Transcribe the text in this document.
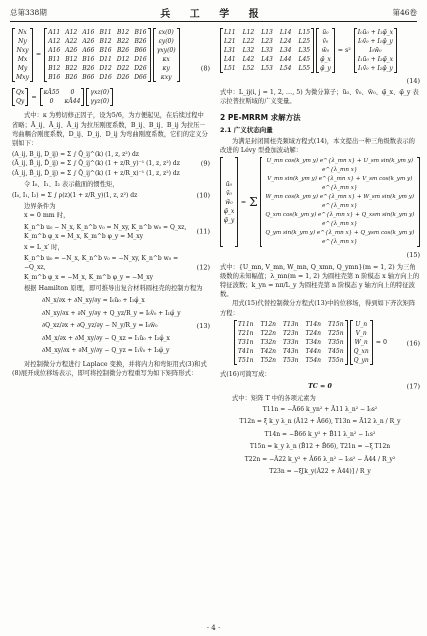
总第338期	兵 工 学 报	第46卷
Nx
Ny
Nxy
Mx
My
Mxy
=
A11 A12 A16 B11 B12 B16
A12 A22 A26 B12 B22 B26
A16 A26 A66 B16 B26 B66
B11 B12 B16 D11 D12 D16
B12 B22 B26 D12 D22 D26
B16 B26 B66 D16 D26 D66
εx(0)
εy(0)
γxy(0)
κx
κy
κxy

Qx
Qy
=
κĀ55	0
0	κĀ44
γxz(0)
γyz(0)
(8)

式中：κ 为剪切修正因子，设为5/6，为方便起见，在后续过程中省略；Ā_ij、Ā_ij、Ā_ij 为拉压刚度系数，B_ij、B_ij、B_ij 为拉压－弯曲耦合刚度系数，D_ij、D_ij、D_ij 为弯曲刚度系数，它们的定义分别如下：

(A_ij, B_ij, D_ij) = Σ ∫ Q̄_ij^(k) (1, z, z²) dz
(Ā_ij, B̄_ij, D̄_ij) = Σ ∫ Q̄_ij^(k) (1 + z/R_y)⁻¹ (1, z, z²) dz
(Â_ij, B̂_ij, D̂_ij) = Σ ∫ Q̄_ij^(k) (1 + z/R_x)⁻¹ (1, z, z²) dz
(9)

令 I₀、I₁、I₂ 表示截面的惯性矩，

(I₀, I₁, I₂) = Σ ∫ ρ(z)(1 + z/R_y)(1, z, z²) dz	(10)
边界条件为
x = 0 mm 时，
K_n^b u₀ − N_x, K_n^b v₀ = N_xy, K_n^b w₀ = Q_xz,
K_m^b φ_x = M_x, K_m^b φ_y = M_xy
(11)
x = L_x′ 时，
K_n^b u₀ = −N_x, K_n^b v₀ = −N_xy, K_n^b w₀ = −Q_xz,
K_m^b φ_x = −M_x, K_m^b φ_y = −M_xy
(12)

根据 Hamilton 原理，即可推导出复合材料圆柱壳的控制方程为

∂N_x/∂x + ∂N_xy/∂y = I₀ü₀ + I₁φ̈_x
∂N_xy/∂x + ∂N_y/∂y + Q_yz/R_y = I₀v̈₀ + I₁φ̈_y
∂Q_xz/∂x + ∂Q_yz/∂y − N_y/R_y = I₀ẅ₀
∂M_x/∂x + ∂M_xy/∂y − Q_xz = I₁ü₀ + I₂φ̈_x
∂M_xy/∂x + ∂M_y/∂y − Q_yz = I₁v̈₀ + I₂φ̈_y
(13)

对控制微分方程进行 Laplace 变换，并将内力和弯矩用式(3)和式(8)展开成位移场表示，即可将控制微分方程重写为如下矩阵形式：

L11 L12 L13 L14 L15
L21 L22 L23 L24 L25
L31 L32 L33 L34 L35
L41 L42 L43 L44 L45
L51 L52 L53 L54 L55
ũ₀
ṽ₀
w̃₀
φ̃_x
φ̃_y
= s²
I₀ũ₀ + I₁φ̃_x
I₀ṽ₀ + I₁φ̃_y
I₀w̃₀
I₁ũ₀ + I₂φ̃_x
I₁ṽ₀ + I₂φ̃_y
(14)

式中：L_ij(i, j = 1, 2, …, 5) 为微分算子；ũ₀、ṽ₀、w̃₀、φ̃_x、φ̃_y 表示拉普拉斯域的广义变量。

2 PE-MRRM 求解方法
2.1 广义状态向量

为满足封闭圆柱壳频域方程式(14)，本文提出一种三角级数表示的改进的 Lévy 型叠加波动解：

ũ₀
ṽ₀
w̃₀
φ̃_x
φ̃_y
= Σ
U_mn cos(k_ym y) e^{λ_mn x} + U_sm sin(k_ym y) e^{λ_mn x}
V_mn sin(k_ym y) e^{λ_mn x} + V_sm cos(k_ym y) e^{λ_mn x}
W_mn cos(k_ym y) e^{λ_mn x} + W_sm sin(k_ym y) e^{λ_mn x}
Q_xm cos(k_ym y) e^{λ_mn x} + Q_xsm sin(k_ym y) e^{λ_mn x}
Q_ym sin(k_ym y) e^{λ_mn x} + Q_ysm cos(k_ym y) e^{λ_mn x}
(15)

式中：{U_mn, V_mn, W_mn, Q_xmn, Q_ymn}(m = 1, 2) 为三角级数的未知幅值；λ_mn(m = 1, 2) 为圆柱壳第 n 阶模态 x 轴方向上的特征波数；k_yn = nπ/L_y 为圆柱壳第 n 阶模态 y 轴方向上的特征波数。

用式(15)代替控制微分方程式(13)中的位移场，得到如下齐次矩阵方程：

T11n T12n T13n T14n T15n
T21n T22n T23n T24n T25n
T31n T32n T33n T34n T35n
T41n T42n T43n T44n T45n
T51n T52n T53n T54n T55n
U_n
V_n
W_n
Q_xn
Q_yn
= 0	(16)
式(16)可简写成：
TC = 0	(17)
式中：矩阵 T 中的各项元素为
T11n = −Ā66 k_yn² + Ā11 λ_n² − I₀s²
T12n = ξ k_y λ_n (Ā12 + Ā66), T13n = Ā12 λ_n / R_y
T14n = −B̄66 k_y² + B̄11 λ_n² − I₁s²
T15n = k_y λ_n (B̄12 + B̄66), T21n = −ξ T12n
T22n = −Â22 k_y² + Â66 λ_n² − I₀s² − Â44 / R_y²
T23n = −ξ[k_y(Â22 + Â44)] / R_y
· 4 ·
